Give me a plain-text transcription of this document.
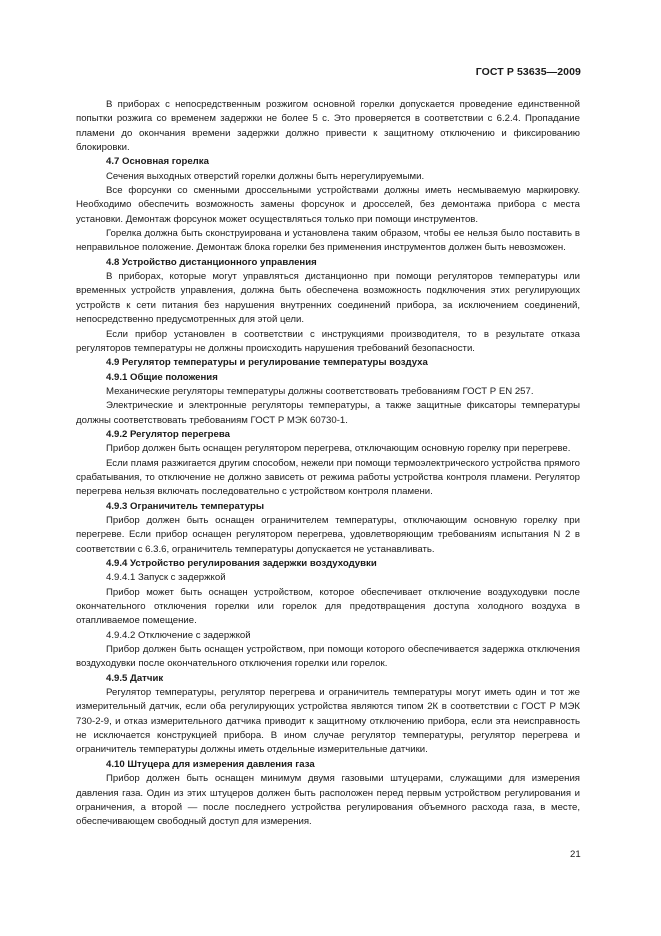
ГОСТ Р 53635—2009

В приборах с непосредственным розжигом основной горелки допускается проведение единственной попытки розжига со временем задержки не более 5 с. Это проверяется в соответствии с 6.2.4. Пропадание пламени до окончания времени задержки должно привести к защитному отключению и фиксированию блокировки.

4.7 Основная горелка

Сечения выходных отверстий горелки должны быть нерегулируемыми.

Все форсунки со сменными дроссельными устройствами должны иметь несмываемую маркировку. Необходимо обеспечить возможность замены форсунок и дросселей, без демонтажа прибора с места установки. Демонтаж форсунок может осуществляться только при помощи инструментов.

Горелка должна быть сконструирована и установлена таким образом, чтобы ее нельзя было поставить в неправильное положение. Демонтаж блока горелки без применения инструментов должен быть невозможен.

4.8 Устройство дистанционного управления

В приборах, которые могут управляться дистанционно при помощи регуляторов температуры или временных устройств управления, должна быть обеспечена возможность подключения этих регулирующих устройств к сети питания без нарушения внутренних соединений прибора, за исключением соединений, непосредственно предусмотренных для этой цели.

Если прибор установлен в соответствии с инструкциями производителя, то в результате отказа регуляторов температуры не должны происходить нарушения требований безопасности.

4.9 Регулятор температуры и регулирование температуры воздуха
4.9.1 Общие положения

Механические регуляторы температуры должны соответствовать требованиям ГОСТ Р EN 257.

Электрические и электронные регуляторы температуры, а также защитные фиксаторы температуры должны соответствовать требованиям ГОСТ Р МЭК 60730-1.

4.9.2 Регулятор перегрева

Прибор должен быть оснащен регулятором перегрева, отключающим основную горелку при перегреве.

Если пламя разжигается другим способом, нежели при помощи термоэлектрического устройства прямого срабатывания, то отключение не должно зависеть от режима работы устройства контроля пламени. Регулятор перегрева нельзя включать последовательно с устройством контроля пламени.

4.9.3 Ограничитель температуры

Прибор должен быть оснащен ограничителем температуры, отключающим основную горелку при перегреве. Если прибор оснащен регулятором перегрева, удовлетворяющим требованиям испытания N 2 в соответствии с 6.3.6, ограничитель температуры допускается не устанавливать.

4.9.4 Устройство регулирования задержки воздуходувки
4.9.4.1 Запуск с задержкой

Прибор может быть оснащен устройством, которое обеспечивает отключение воздуходувки после окончательного отключения горелки или горелок для предотвращения доступа холодного воздуха в отапливаемое помещение.

4.9.4.2 Отключение с задержкой

Прибор должен быть оснащен устройством, при помощи которого обеспечивается задержка отключения воздуходувки после окончательного отключения горелки или горелок.

4.9.5 Датчик

Регулятор температуры, регулятор перегрева и ограничитель температуры могут иметь один и тот же измерительный датчик, если оба регулирующих устройства являются типом 2К в соответствии с ГОСТ Р МЭК 730-2-9, и отказ измерительного датчика приводит к защитному отключению прибора, если эта неисправность не исключается конструкцией прибора. В ином случае регулятор температуры, регулятор перегрева и ограничитель температуры должны иметь отдельные измерительные датчики.

4.10 Штуцера для измерения давления газа

Прибор должен быть оснащен минимум двумя газовыми штуцерами, служащими для измерения давления газа. Один из этих штуцеров должен быть расположен перед первым устройством регулирования и ограничения, а второй — после последнего устройства регулирования объемного расхода газа, в месте, обеспечивающем свободный доступ для измерения.

21
